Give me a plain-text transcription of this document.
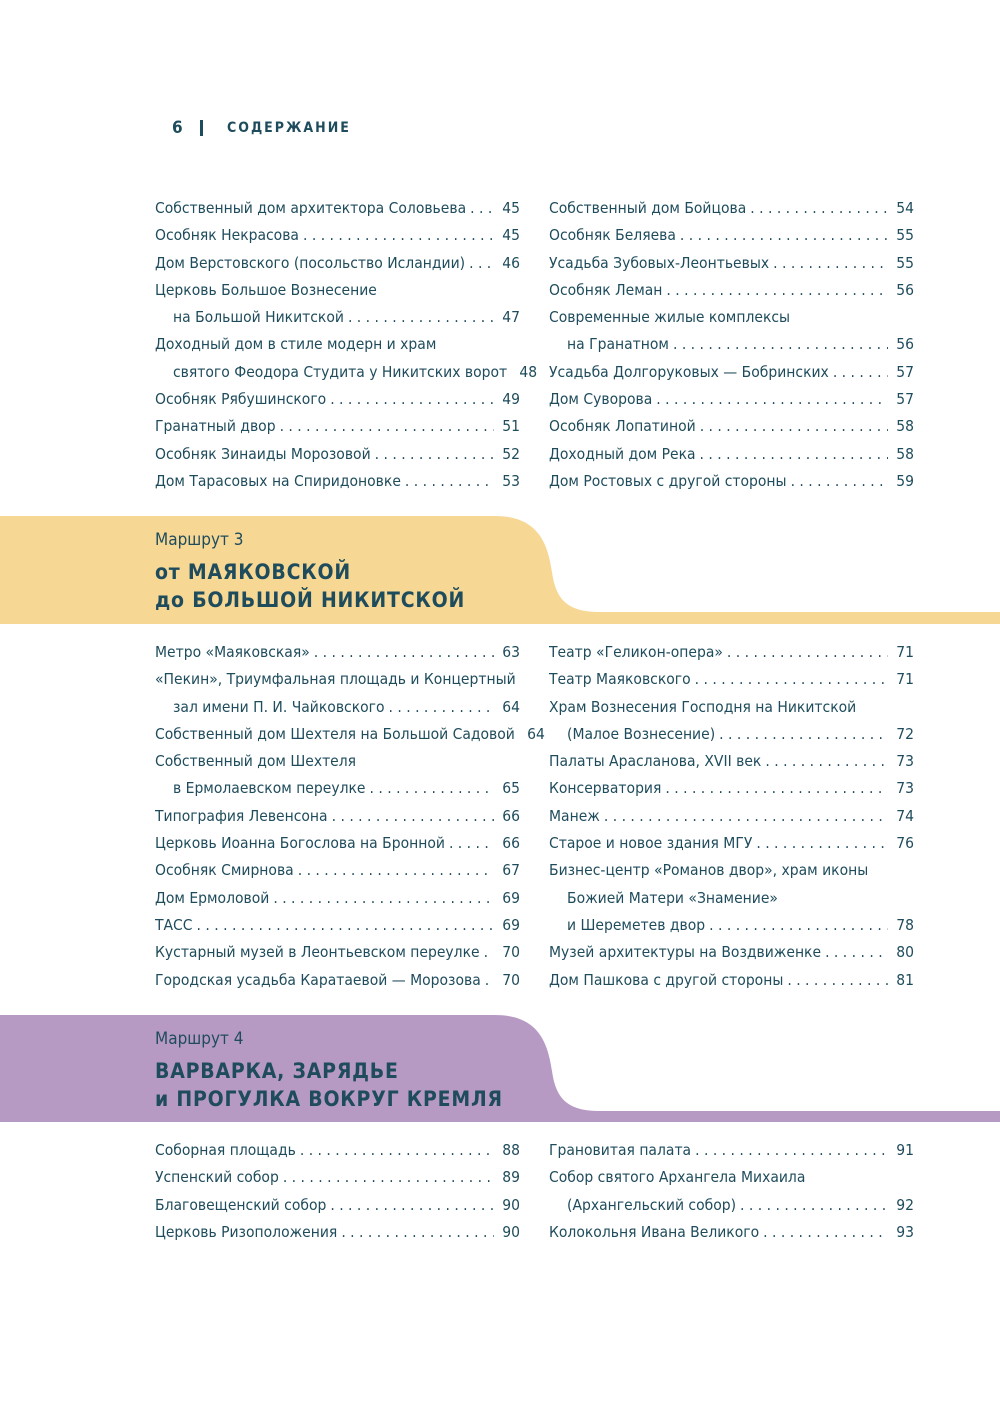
6	СОДЕРЖАНИЕ
Собственный дом архитектора Соловьева . . .	45
Особняк Некрасова . . .	45
Дом Верстовского (посольство Исландии) . . .	46
Церковь Большое Вознесение
на Большой Никитской . . .	47
Доходный дом в стиле модерн и храм
святого Феодора Студита у Никитских ворот . . . 48
Особняк Рябушинского . . .	49
Гранатный двор . . .	51
Особняк Зинаиды Морозовой . . .	52
Дом Тарасовых на Спиридоновке . . .	53
Собственный дом Бойцова . . .	54
Особняк Беляева . . .	55
Усадьба Зубовых-Леонтьевых . . .	55
Особняк Леман . . .	56
Современные жилые комплексы
на Гранатном . . .	56
Усадьба Долгоруковых — Бобринских . . .	57
Дом Суворова . . .	57
Особняк Лопатиной . . .	58
Доходный дом Река . . .	58
Дом Ростовых с другой стороны . . .	59
Маршрут 3
от МАЯКОВСКОЙ
до БОЛЬШОЙ НИКИТСКОЙ
Метро «Маяковская» . . .	63
«Пекин», Триумфальная площадь и Концертный
зал имени П. И. Чайковского . . .	64
Собственный дом Шехтеля на Большой Садовой . . . 64
Собственный дом Шехтеля
в Ермолаевском переулке . . .	65
Типография Левенсона . . .	66
Церковь Иоанна Богослова на Бронной . . .	66
Особняк Смирнова . . .	67
Дом Ермоловой . . .	69
ТАСС . . .	69
Кустарный музей в Леонтьевском переулке . . .	70
Городская усадьба Каратаевой — Морозова . . .	70
Театр «Геликон-опера» . . .	71
Театр Маяковского . . .	71
Храм Вознесения Господня на Никитской
(Малое Вознесение) . . .	72
Палаты Арасланова, XVII век . . .	73
Консерватория . . .	73
Манеж . . .	74
Старое и новое здания МГУ . . .	76
Бизнес-центр «Романов двор», храм иконы
Божией Матери «Знамение»
и Шереметев двор . . .	78
Музей архитектуры на Воздвиженке . . .	80
Дом Пашкова с другой стороны . . .	81
Маршрут 4
ВАРВАРКА, ЗАРЯДЬЕ
и ПРОГУЛКА ВОКРУГ КРЕМЛЯ
Соборная площадь . . .	88
Успенский собор . . .	89
Благовещенский собор . . .	90
Церковь Ризоположения . . .	90
Грановитая палата . . .	91
Собор святого Архангела Михаила
(Архангельский собор) . . .	92
Колокольня Ивана Великого . . .	93
